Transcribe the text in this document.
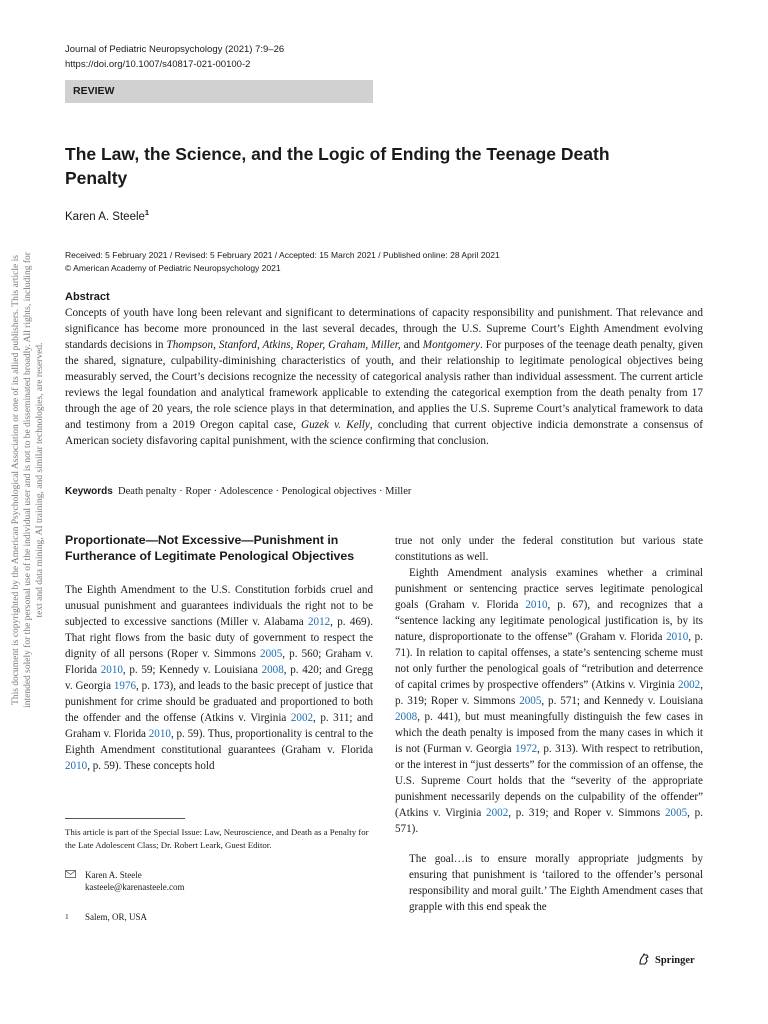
This document is copyrighted by the American Psychological Association or one of its allied publishers. This article is intended solely for the personal use of the individual user and is not to be disseminated broadly. All rights, including for text and data mining, AI training, and similar technologies, are reserved.
Journal of Pediatric Neuropsychology (2021) 7:9–26
https://doi.org/10.1007/s40817-021-00100-2
REVIEW
The Law, the Science, and the Logic of Ending the Teenage Death Penalty
Karen A. Steele$^1$
Received: 5 February 2021 / Revised: 5 February 2021 / Accepted: 15 March 2021 / Published online: 28 April 2021
© American Academy of Pediatric Neuropsychology 2021
Abstract

Concepts of youth have long been relevant and significant to determinations of capacity responsibility and punishment. That relevance and significance has become more pronounced in the last several decades, through the U.S. Supreme Court’s Eighth Amendment evolving standards decisions in Thompson, Stanford, Atkins, Roper, Graham, Miller, and Montgomery. For purposes of the teenage death penalty, given the shared, signature, culpability-diminishing characteristics of youth, and their relationship to legitimate penological objectives being measurably served, the Court’s decisions recognize the necessity of categorical analysis rather than individual assessment. The current article reviews the legal foundation and analytical framework applicable to extending the categorical exemption from the death penalty from 17 through the age of 20 years, the role science plays in that determination, and applies the U.S. Supreme Court’s analytical framework to data and testimony from a 2019 Oregon capital case, Guzek v. Kelly, concluding that current objective indicia demonstrate a consensus of American society disfavoring capital punishment, with the science confirming that conclusion.

Keywords Death penalty · Roper · Adolescence · Penological objectives · Miller
Proportionate—Not Excessive—Punishment in Furtherance of Legitimate Penological Objectives

The Eighth Amendment to the U.S. Constitution forbids cruel and unusual punishment and guarantees individuals the right not to be subjected to excessive sanctions (Miller v. Alabama 2012, p. 469). That right flows from the basic duty of government to respect the dignity of all persons (Roper v. Simmons 2005, p. 560; Graham v. Florida 2010, p. 59; Kennedy v. Louisiana 2008, p. 420; and Gregg v. Georgia 1976, p. 173), and leads to the basic precept of justice that punishment for crime should be graduated and proportioned to both the offender and the offense (Atkins v. Virginia 2002, p. 311; and Graham v. Florida 2010, p. 59). Thus, proportionality is central to the Eighth Amendment constitutional guarantees (Graham v. Florida 2010, p. 59). These concepts hold

true not only under the federal constitution but various state constitutions as well.

Eighth Amendment analysis examines whether a criminal punishment or sentencing practice serves legitimate penological goals (Graham v. Florida 2010, p. 67), and recognizes that a “sentence lacking any legitimate penological justification is, by its nature, disproportionate to the offense” (Graham v. Florida 2010, p. 71). In relation to capital offenses, a state’s sentencing scheme must not only further the penological goals of “retribution and deterrence of capital crimes by prospective offenders” (Atkins v. Virginia 2002, p. 319; Roper v. Simmons 2005, p. 571; and Kennedy v. Louisiana 2008, p. 441), but must meaningfully distinguish the few cases in which the death penalty is imposed from the many cases in which it is not (Furman v. Georgia 1972, p. 313). With respect to retribution, or the interest in “just desserts” for the commission of an offense, the U.S. Supreme Court holds that the “severity of the appropriate punishment necessarily depends on the culpability of the offender” (Atkins v. Virginia 2002, p. 319; and Roper v. Simmons 2005, p. 571).

The goal…is to ensure morally appropriate judgments by ensuring that punishment is ‘tailored to the offender’s personal responsibility and moral guilt.’ The Eighth Amendment cases that grapple with this end speak the

This article is part of the Special Issue: Law, Neuroscience, and Death as a Penalty for the Late Adolescent Class; Dr. Robert Leark, Guest Editor.
Karen A. Steele
kasteele@karenasteele.com
$^1$ Salem, OR, USA
Springer
